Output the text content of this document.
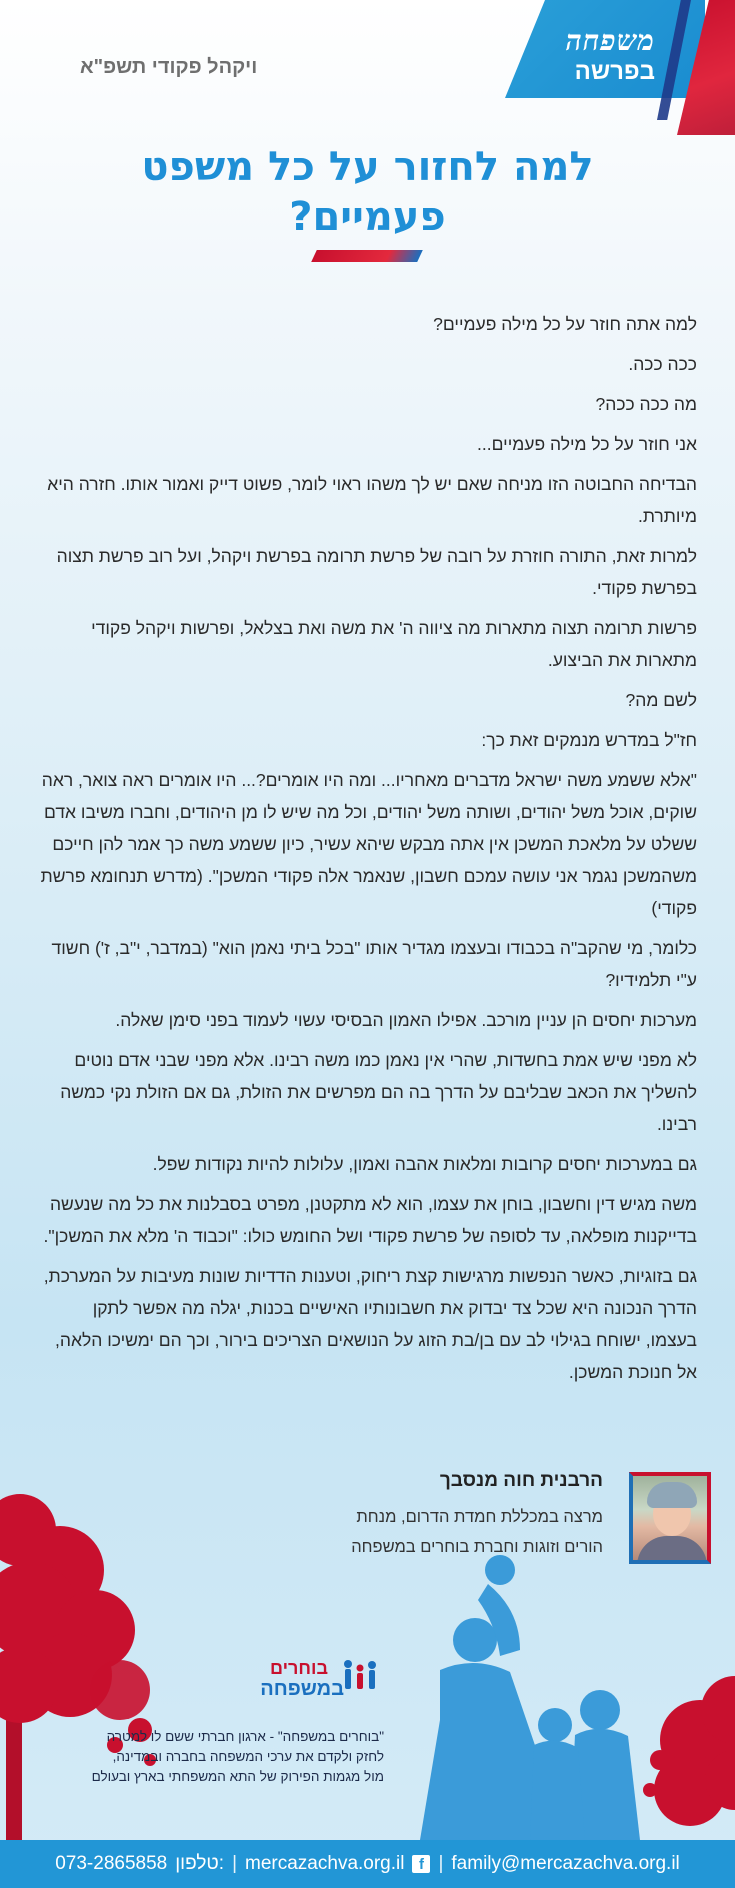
משפחה
בפרשה
ויקהל פקודי תשפ"א
למה לחזור על כל משפט
פעמיים?

למה אתה חוזר על כל מילה פעמיים?

ככה ככה.

מה ככה ככה?

אני חוזר על כל מילה פעמיים...

הבדיחה החבוטה הזו מניחה שאם יש לך משהו ראוי לומר, פשוט דייק ואמור אותו. חזרה היא מיותרת.

למרות זאת, התורה חוזרת על רובה של פרשת תרומה בפרשת ויקהל, ועל רוב פרשת תצוה בפרשת פקודי.

פרשות תרומה תצוה מתארות מה ציווה ה' את משה ואת בצלאל, ופרשות ויקהל פקודי מתארות את הביצוע.

לשם מה?

חז"ל במדרש מנמקים זאת כך:

"אלא ששמע משה ישראל מדברים מאחריו... ומה היו אומרים?... היו אומרים ראה צואר, ראה שוקים, אוכל משל יהודים, ושותה משל יהודים, וכל מה שיש לו מן היהודים, וחברו משיבו אדם ששלט על מלאכת המשכן אין אתה מבקש שיהא עשיר, כיון ששמע משה כך אמר להן חייכם משהמשכן נגמר אני עושה עמכם חשבון, שנאמר אלה פקודי המשכן". (מדרש תנחומא פרשת פקודי)

כלומר, מי שהקב"ה בכבודו ובעצמו מגדיר אותו "בכל ביתי נאמן הוא" (במדבר, י"ב, ז') חשוד ע"י תלמידיו?

מערכות יחסים הן עניין מורכב. אפילו האמון הבסיסי עשוי לעמוד בפני סימן שאלה.

לא מפני שיש אמת בחשדות, שהרי אין נאמן כמו משה רבינו. אלא מפני שבני אדם נוטים להשליך את הכאב שבליבם על הדרך בה הם מפרשים את הזולת, גם אם הזולת נקי כמשה רבינו.

גם במערכות יחסים קרובות ומלאות אהבה ואמון, עלולות להיות נקודות שפל.

משה מגיש דין וחשבון, בוחן את עצמו, הוא לא מתקטנן, מפרט בסבלנות את כל מה שנעשה בדייקנות מופלאה, עד לסופה של פרשת פקודי ושל החומש כולו: "וכבוד ה' מלא את המשכן".

גם בזוגיות, כאשר הנפשות מרגישות קצת ריחוק, וטענות הדדיות שונות מעיבות על המערכת, הדרך הנכונה היא שכל צד יבדוק את חשבונותיו האישיים בכנות, יגלה מה אפשר לתקן בעצמו, ישוחח בגילוי לב עם בן/בת הזוג על הנושאים הצריכים בירור, וכך הם ימשיכו הלאה, אל חנוכת המשכן.

הרבנית חוה מנסבך
מרצה במכללת חמדת הדרום, מנחת
הורים וזוגות וחברת בוחרים במשפחה
בוחרים
במשפחה
"בוחרים במשפחה" - ארגון חברתי ששם לו למטרה
לחזק ולקדם את ערכי המשפחה בחברה ובמדינה,
מול מגמות הפירוק של התא המשפחתי בארץ ובעולם
073-2865858 טלפון: | mercazachva.org.il f | family@mercazachva.org.il
